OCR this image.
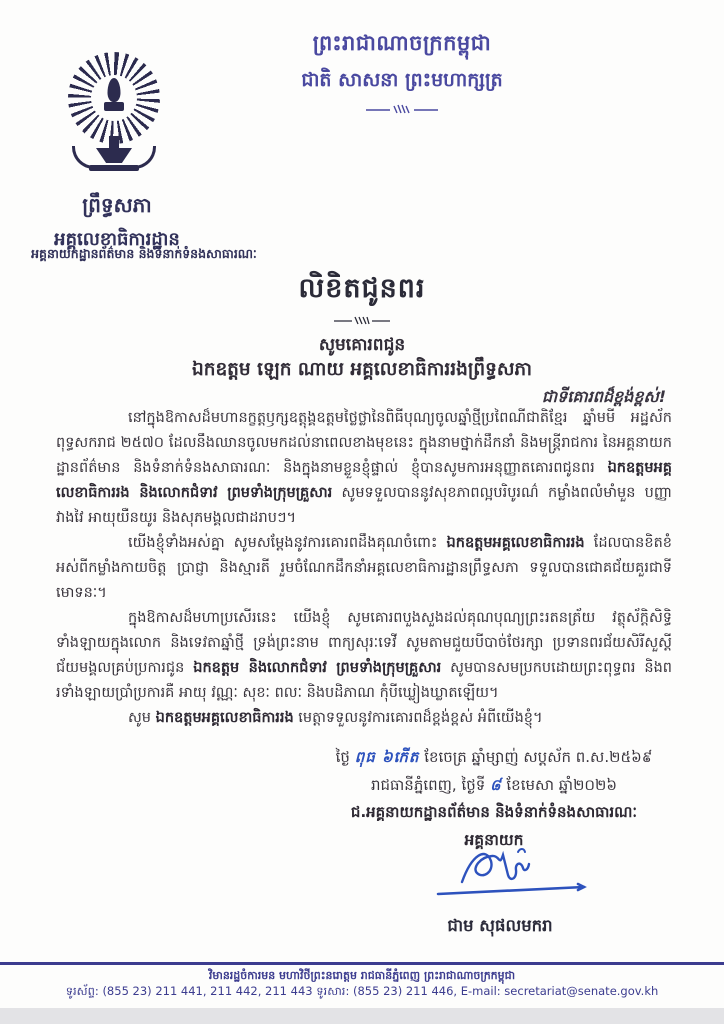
ព្រះរាជាណាចក្រកម្ពុជា
ជាតិ សាសនា ព្រះមហាក្សត្រ
ព្រឹទ្ធសភា
អគ្គលេខាធិការដ្ឋាន
អគ្គនាយកដ្ឋានព័ត៌មាន និងទំនាក់ទំនងសាធារណៈ
លិខិតជូនពរ
សូមគោរពជូន
ឯកឧត្តម ឡេក ណាយ អគ្គលេខាធិការរងព្រឹទ្ធសភា
ជាទីគោរពដ៏ខ្ពង់ខ្ពស់!

នៅក្នុងឱកាសដ៏មហានក្ខត្តឫក្សឧត្តុង្គឧត្តមថ្លៃថ្លានៃពិធីបុណ្យចូលឆ្នាំថ្មីប្រពៃណីជាតិខ្មែរ ឆ្នាំមមី អដ្ឋស័ក ពុទ្ធសករាជ ២៥៧០ ដែលនឹងឈានចូលមកដល់នាពេលខាងមុខនេះ ក្នុងនាមថ្នាក់ដឹកនាំ និងមន្ត្រីរាជការ នៃអគ្គនាយកដ្ឋានព័ត៌មាន និងទំនាក់ទំនងសាធារណៈ និងក្នុងនាមខ្លួនខ្ញុំផ្ទាល់ ខ្ញុំបានសូមការអនុញ្ញាតគោរពជូនពរ ឯកឧត្តមអគ្គលេខាធិការរង និងលោកជំទាវ ព្រមទាំងក្រុមគ្រួសារ សូមទទួលបាននូវសុខភាពល្អបរិបូរណ៌ កម្លាំងពលំមាំមួន បញ្ញាវាងវៃ អាយុយឺនយូរ និងសុភមង្គលជាដរាបៗ។

យើងខ្ញុំទាំងអស់គ្នា សូមសម្តែងនូវការគោរពដឹងគុណចំពោះ ឯកឧត្តមអគ្គលេខាធិការរង ដែលបានខិតខំអស់ពីកម្លាំងកាយចិត្ត ប្រាជ្ញា និងស្មារតី រួមចំណែកដឹកនាំអគ្គលេខាធិការដ្ឋានព្រឹទ្ធសភា ទទួលបានជោគជ័យគួរជាទីមោទនៈ។

ក្នុងឱកាសដ៏មហាប្រសើរនេះ យើងខ្ញុំ សូមគោរពបួងសួងដល់គុណបុណ្យព្រះរតនត្រ័យ វត្ថុស័ក្តិសិទ្ធិទាំងឡាយក្នុងលោក និងទេវតាឆ្នាំថ្មី ទ្រង់ព្រះនាម ពាក្យសុរៈទេវី សូមតាមជួយបីបាច់ថែរក្សា ប្រទានពរជ័យសិរីសួស្តី ជ័យមង្គលគ្រប់ប្រការជូន ឯកឧត្តម និងលោកជំទាវ ព្រមទាំងក្រុមគ្រួសារ សូមបានសមប្រកបដោយព្រះពុទ្ធពរ និងពរទាំងឡាយប្រាំប្រការគឺ អាយុ វណ្ណៈ សុខៈ ពលៈ និងបដិភាណ កុំបីឃ្លៀងឃ្លាតឡើយ។

សូម ឯកឧត្តមអគ្គលេខាធិការរង មេត្តាទទួលនូវការគោរពដ៏ខ្ពង់ខ្ពស់ អំពីយើងខ្ញុំ។

ថ្ងៃ ពុធ ៦កើត ខែចេត្រ ឆ្នាំម្សាញ់ សប្តស័ក ព.ស.២៥៦៩
រាជធានីភ្នំពេញ, ថ្ងៃទី ៨ ខែមេសា ឆ្នាំ២០២៦
ជ.អគ្គនាយកដ្ឋានព័ត៌មាន និងទំនាក់ទំនងសាធារណៈ
អគ្គនាយក
ជាម សុផលមករា
វិមានរដ្ឋចំការមន មហាវិថីព្រះនរោត្តម រាជធានីភ្នំពេញ ព្រះរាជាណាចក្រកម្ពុជា
ទូរស័ព្ទ: (855 23) 211 441, 211 442, 211 443 ទូរសារ: (855 23) 211 446, E-mail: secretariat@senate.gov.kh
